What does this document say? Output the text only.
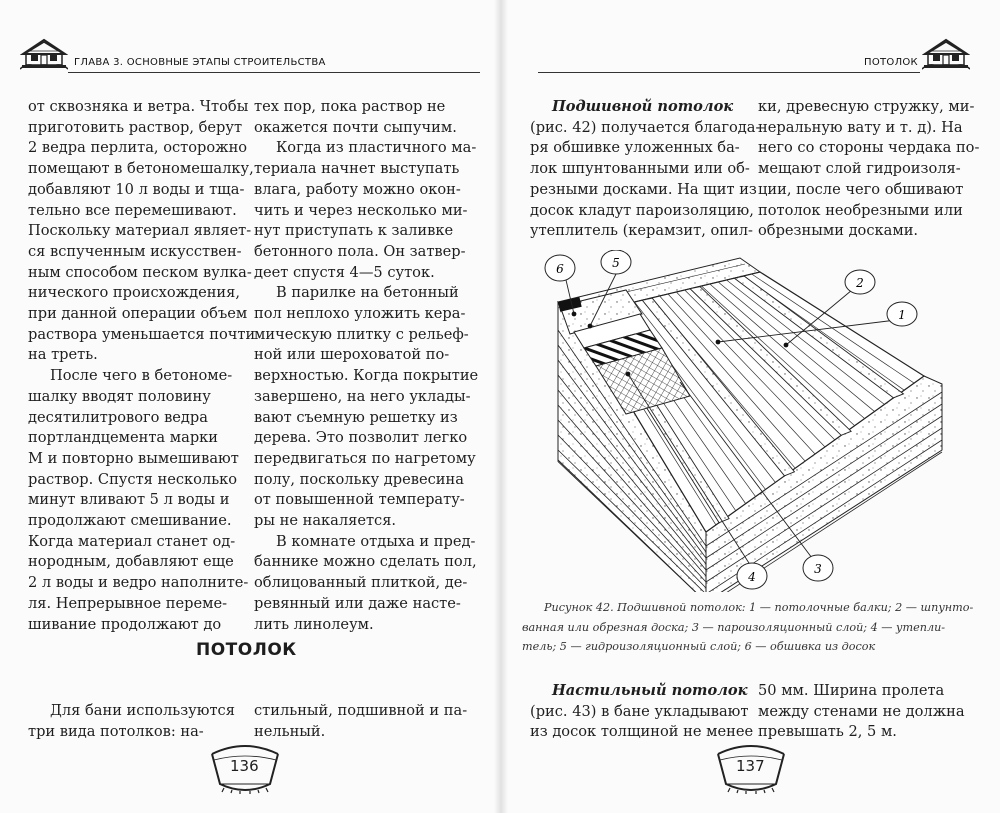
ГЛАВА 3. ОСНОВНЫЕ ЭТАПЫ СТРОИТЕЛЬСТВА
от сквозняка и ветра. Чтобы
приготовить раствор, берут
2 ведра перлита, осторожно
помещают в бетономешалку,
добавляют 10 л воды и тща-
тельно все перемешивают.
Поскольку материал являет-
ся вспученным искусствен-
ным способом песком вулка-
нического происхождения,
при данной операции объем
раствора уменьшается почти
на треть.
После чего в бетономе-
шалку вводят половину
десятилитрового ведра
портландцемента марки
М и повторно вымешивают
раствор. Спустя несколько
минут вливают 5 л воды и
продолжают смешивание.
Когда материал станет од-
нородным, добавляют еще
2 л воды и ведро наполните-
ля. Непрерывное переме-
шивание продолжают до
тех пор, пока раствор не
окажется почти сыпучим.
Когда из пластичного ма-
териала начнет выступать
влага, работу можно окон-
чить и через несколько ми-
нут приступать к заливке
бетонного пола. Он затвер-
деет спустя 4—5 суток.
В парилке на бетонный
пол неплохо уложить кера-
мическую плитку с рельеф-
ной или шероховатой по-
верхностью. Когда покрытие
завершено, на него уклады-
вают съемную решетку из
дерева. Это позволит легко
передвигаться по нагретому
полу, поскольку древесина
от повышенной температу-
ры не накаляется.
В комнате отдыха и пред-
баннике можно сделать пол,
облицованный плиткой, де-
ревянный или даже насте-
лить линолеум.
ПОТОЛОК
Для бани используются
три вида потолков: на-
стильный, подшивной и па-
нельный.
136
ПОТОЛОК
Подшивной потолок
(рис. 42) получается благода-
ря обшивке уложенных ба-
лок шпунтованными или об-
резными досками. На щит из
досок кладут пароизоляцию,
утеплитель (керамзит, опил-
ки, древесную стружку, ми-
неральную вату и т. д). На
него со стороны чердака по-
мещают слой гидроизоля-
ции, после чего обшивают
потолок необрезными или
обрезными досками.
6	5
2
1
4
3
Рисунок 42. Подшивной потолок: 1 — потолочные балки; 2 — шпунто-
ванная или обрезная доска; 3 — пароизоляционный слой; 4 — утепли-
тель; 5 — гидроизоляционный слой; 6 — обшивка из досок
Настильный потолок
(рис. 43) в бане укладывают
из досок толщиной не менее
50 мм. Ширина пролета
между стенами не должна
превышать 2, 5 м.
137
